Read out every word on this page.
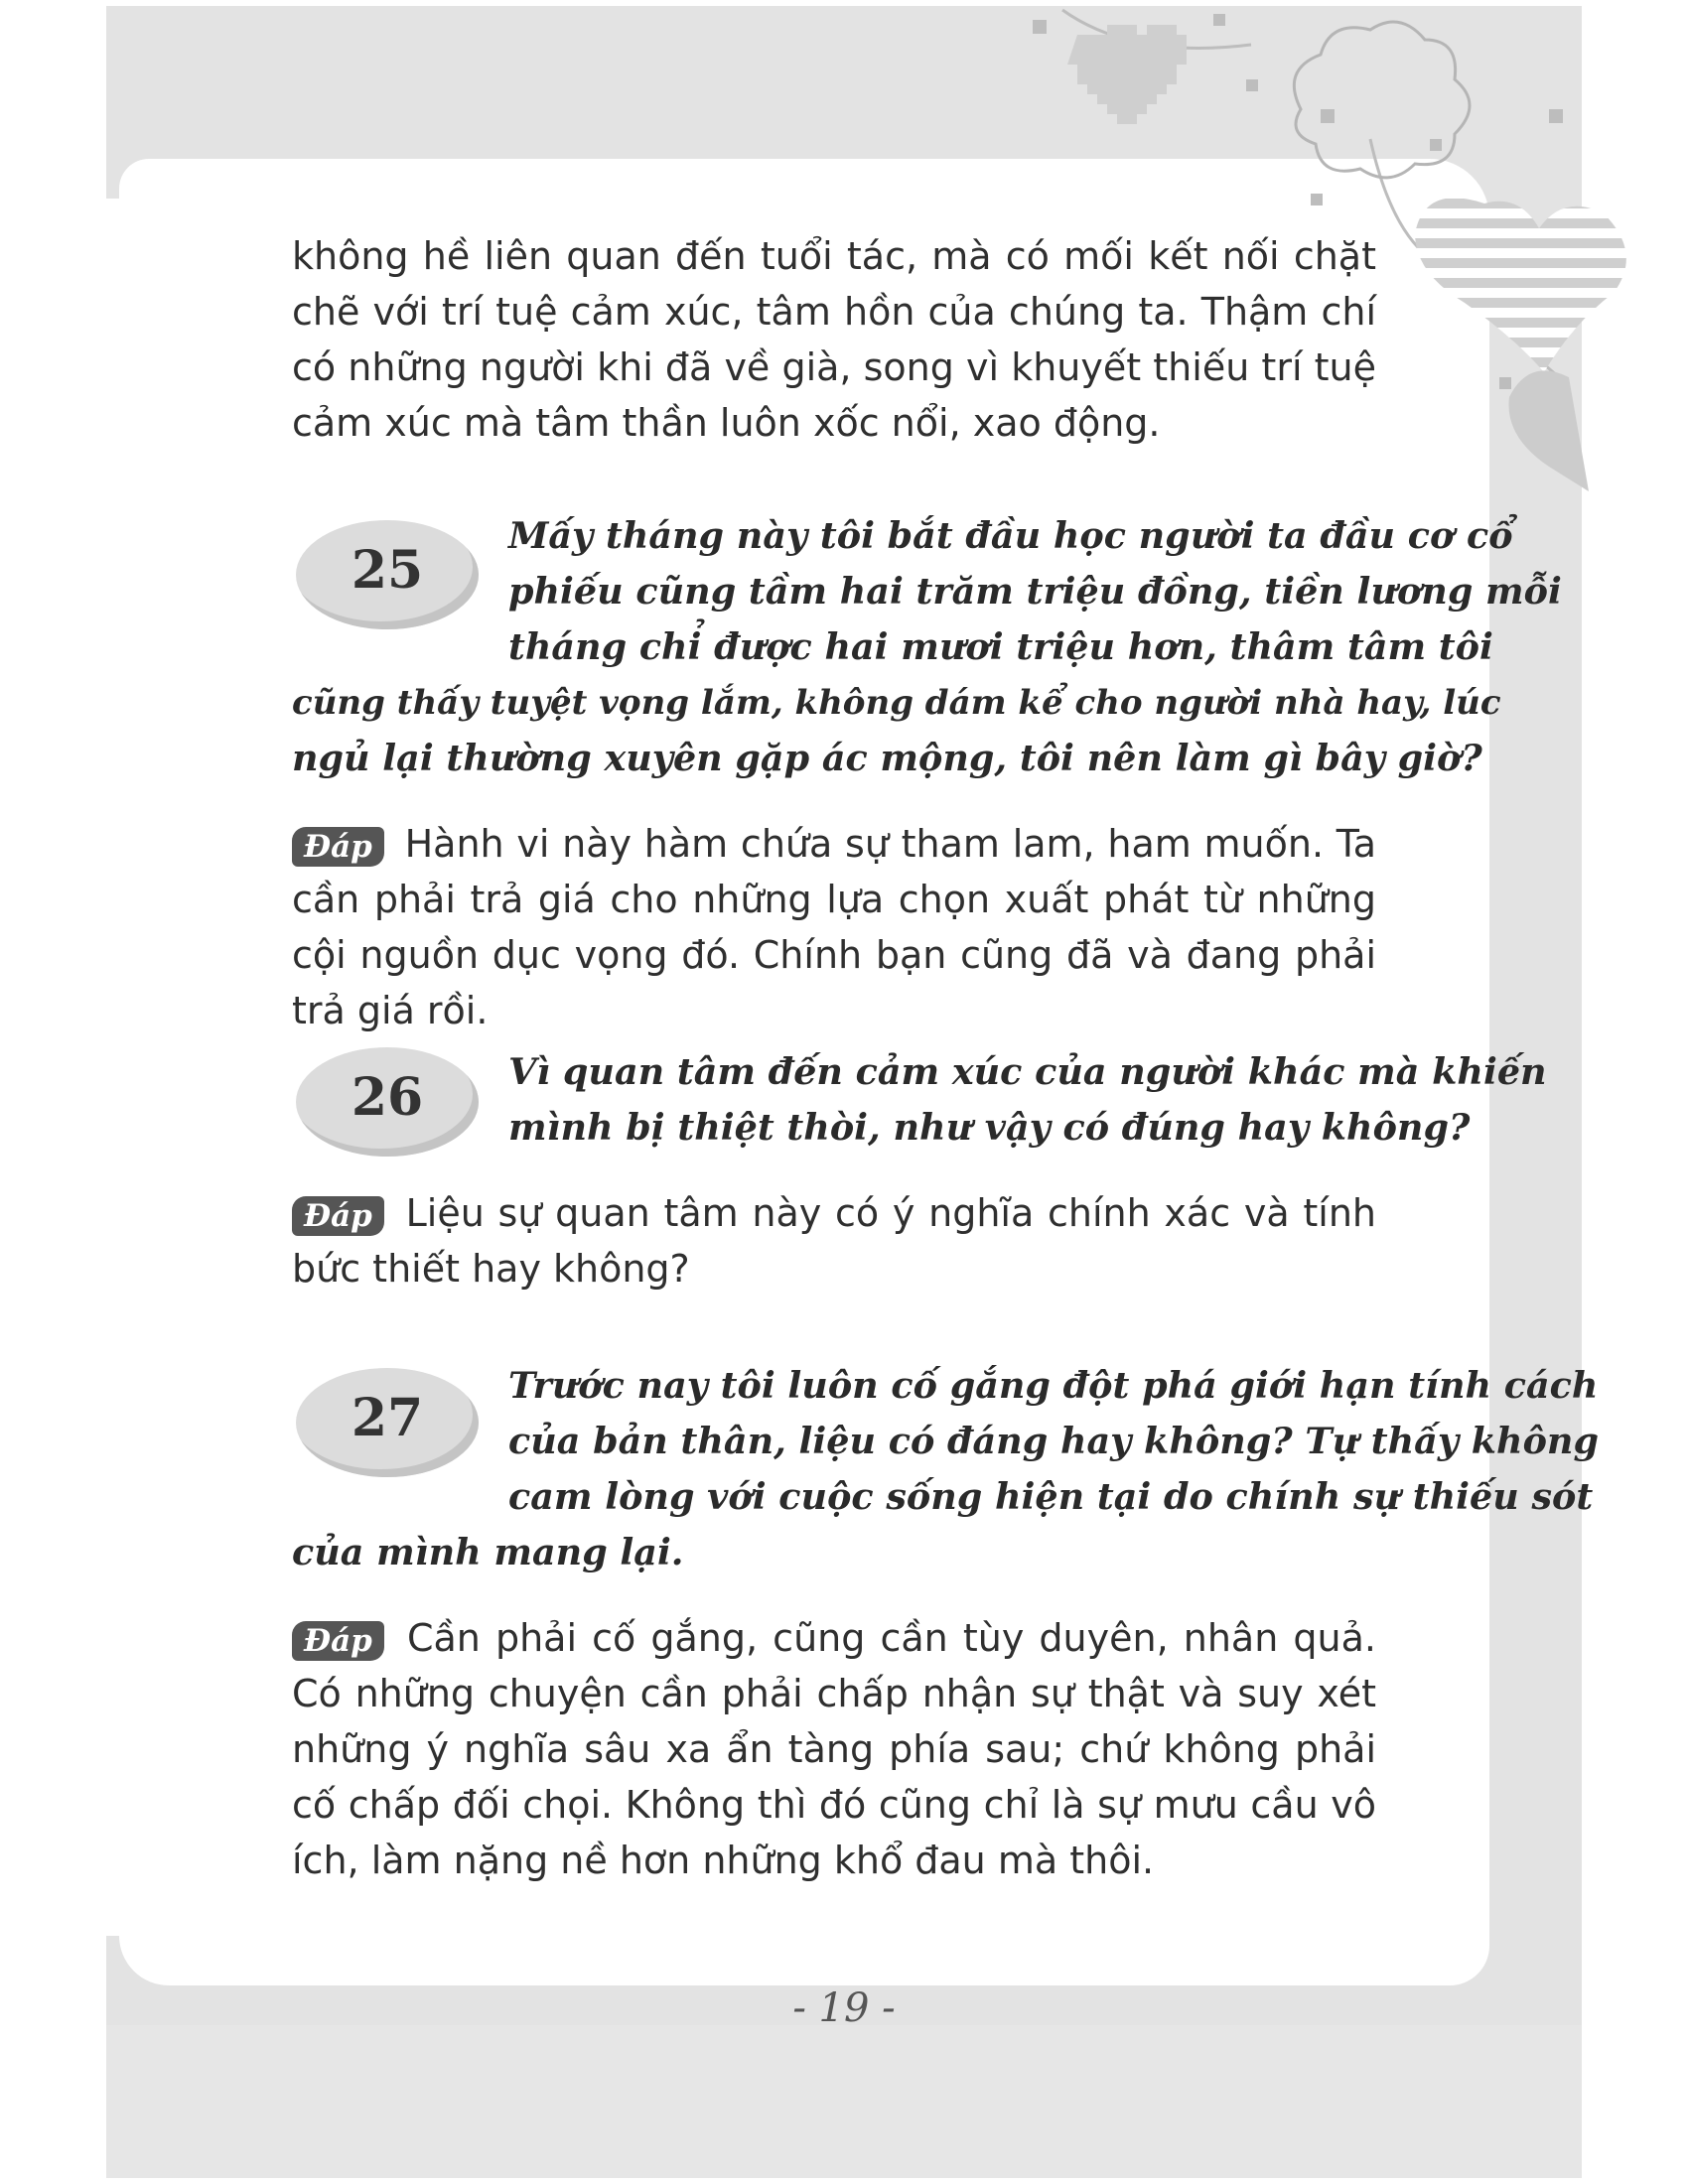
không hề liên quan đến tuổi tác, mà có mối kết nối chặt chẽ với trí tuệ cảm xúc, tâm hồn của chúng ta. Thậm chí có những người khi đã về già, song vì khuyết thiếu trí tuệ cảm xúc mà tâm thần luôn xốc nổi, xao động.

25
Mấy tháng này tôi bắt đầu học người ta đầu cơ cổ
phiếu cũng tầm hai trăm triệu đồng, tiền lương mỗi
tháng chỉ được hai mươi triệu hơn, thâm tâm tôi
cũng thấy tuyệt vọng lắm, không dám kể cho người nhà hay, lúc
ngủ lại thường xuyên gặp ác mộng, tôi nên làm gì bây giờ?

Đáp Hành vi này hàm chứa sự tham lam, ham muốn. Ta cần phải trả giá cho những lựa chọn xuất phát từ những cội nguồn dục vọng đó. Chính bạn cũng đã và đang phải trả giá rồi.

26	Vì quan tâm đến cảm xúc của người khác mà khiến
mình bị thiệt thòi, như vậy có đúng hay không?

Đáp Liệu sự quan tâm này có ý nghĩa chính xác và tính bức thiết hay không?

27
Trước nay tôi luôn cố gắng đột phá giới hạn tính cách
của bản thân, liệu có đáng hay không? Tự thấy không
cam lòng với cuộc sống hiện tại do chính sự thiếu sót
của mình mang lại.

Đáp Cần phải cố gắng, cũng cần tùy duyên, nhân quả. Có những chuyện cần phải chấp nhận sự thật và suy xét những ý nghĩa sâu xa ẩn tàng phía sau; chứ không phải cố chấp đối chọi. Không thì đó cũng chỉ là sự mưu cầu vô ích, làm nặng nề hơn những khổ đau mà thôi.

- 19 -
